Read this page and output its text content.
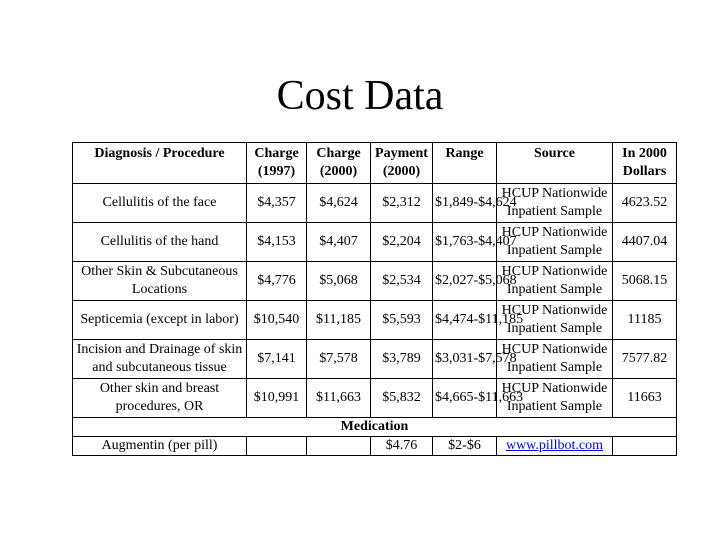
Cost Data
Diagnosis / Procedure	Charge (1997)	Charge (2000)	Payment (2000)	Range	Source	In 2000 Dollars
Cellulitis of the face	$4,357	$4,624	$2,312	$1,849-$4,624	HCUP Nationwide Inpatient Sample	4623.52
Cellulitis of the hand	$4,153	$4,407	$2,204	$1,763-$4,407	HCUP Nationwide Inpatient Sample	4407.04
Other Skin & Subcutaneous Locations	$4,776	$5,068	$2,534	$2,027-$5,068	HCUP Nationwide Inpatient Sample	5068.15
Septicemia (except in labor)	$10,540	$11,185	$5,593	$4,474-$11,185	HCUP Nationwide Inpatient Sample	11185
Incision and Drainage of skin and subcutaneous tissue	$7,141	$7,578	$3,789	$3,031-$7,578	HCUP Nationwide Inpatient Sample	7577.82
Other skin and breast procedures, OR	$10,991	$11,663	$5,832	$4,665-$11,663	HCUP Nationwide Inpatient Sample	11663
Medication						
Augmentin (per pill)			$4.76	$2-$6	www.pillbot.com	
